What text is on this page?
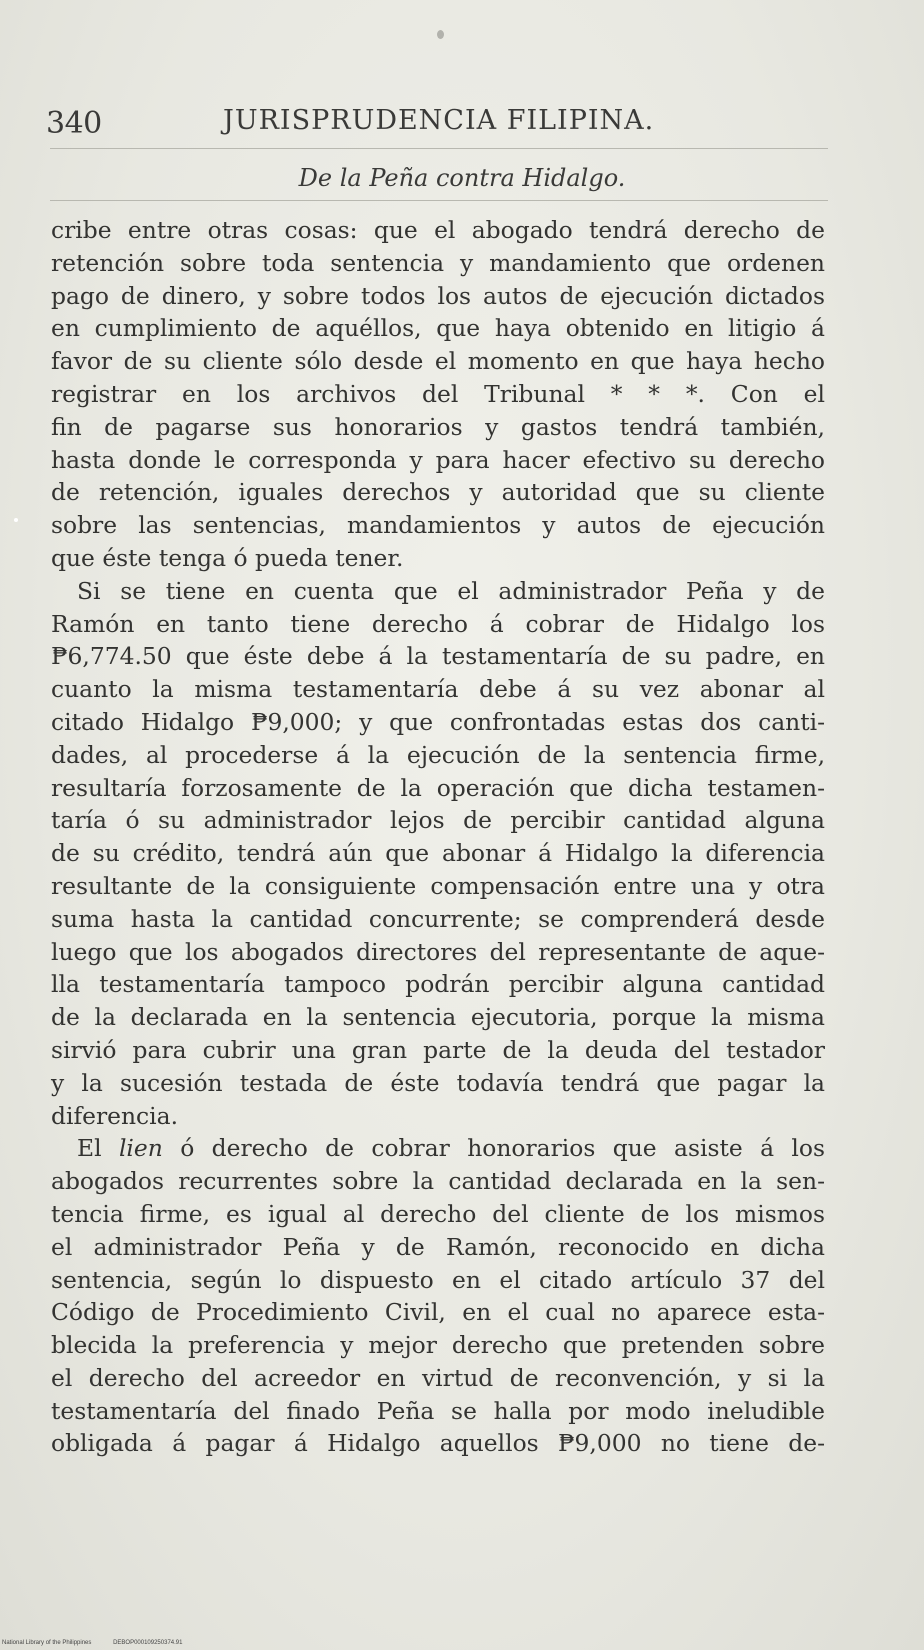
340	JURISPRUDENCIA FILIPINA.
De la Peña contra Hidalgo.
cribe entre otras cosas: que el abogado tendrá derecho de
retención sobre toda sentencia y mandamiento que ordenen
pago de dinero, y sobre todos los autos de ejecución dictados
en cumplimiento de aquéllos, que haya obtenido en litigio á
favor de su cliente sólo desde el momento en que haya hecho
registrar en los archivos del Tribunal * * *. Con el
fin de pagarse sus honorarios y gastos tendrá también,
hasta donde le corresponda y para hacer efectivo su derecho
de retención, iguales derechos y autoridad que su cliente
sobre las sentencias, mandamientos y autos de ejecución
que éste tenga ó pueda tener.
Si se tiene en cuenta que el administrador Peña y de
Ramón en tanto tiene derecho á cobrar de Hidalgo los
₱6,774.50 que éste debe á la testamentaría de su padre, en
cuanto la misma testamentaría debe á su vez abonar al
citado Hidalgo ₱9,000; y que confrontadas estas dos canti-
dades, al procederse á la ejecución de la sentencia firme,
resultaría forzosamente de la operación que dicha testamen-
taría ó su administrador lejos de percibir cantidad alguna
de su crédito, tendrá aún que abonar á Hidalgo la diferencia
resultante de la consiguiente compensación entre una y otra
suma hasta la cantidad concurrente; se comprenderá desde
luego que los abogados directores del representante de aque-
lla testamentaría tampoco podrán percibir alguna cantidad
de la declarada en la sentencia ejecutoria, porque la misma
sirvió para cubrir una gran parte de la deuda del testador
y la sucesión testada de éste todavía tendrá que pagar la
diferencia.
El lien ó derecho de cobrar honorarios que asiste á los
abogados recurrentes sobre la cantidad declarada en la sen-
tencia firme, es igual al derecho del cliente de los mismos
el administrador Peña y de Ramón, reconocido en dicha
sentencia, según lo dispuesto en el citado artículo 37 del
Código de Procedimiento Civil, en el cual no aparece esta-
blecida la preferencia y mejor derecho que pretenden sobre
el derecho del acreedor en virtud de reconvención, y si la
testamentaría del finado Peña se halla por modo ineludible
obligada á pagar á Hidalgo aquellos ₱9,000 no tiene de-
National Library of the Philippines	DEBOP000109250374.91
